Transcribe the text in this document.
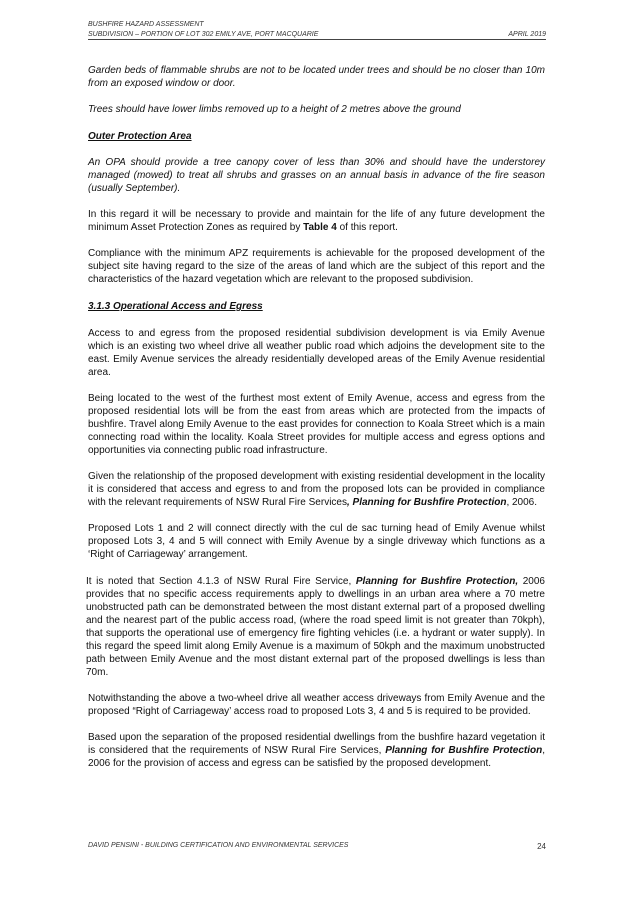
BUSHFIRE HAZARD ASSESSMENT
SUBDIVISION – PORTION OF LOT 302 EMILY AVE, PORT MACQUARIE	APRIL 2019

Garden beds of flammable shrubs are not to be located under trees and should be no closer than 10m from an exposed window or door.

Trees should have lower limbs removed up to a height of 2 metres above the ground

Outer Protection Area

An OPA should provide a tree canopy cover of less than 30% and should have the understorey managed (mowed) to treat all shrubs and grasses on an annual basis in advance of the fire season (usually September).

In this regard it will be necessary to provide and maintain for the life of any future development the minimum Asset Protection Zones as required by Table 4 of this report.

Compliance with the minimum APZ requirements is achievable for the proposed development of the subject site having regard to the size of the areas of land which are the subject of this report and the characteristics of the hazard vegetation which are relevant to the proposed subdivision.

3.1.3 Operational Access and Egress

Access to and egress from the proposed residential subdivision development is via Emily Avenue which is an existing two wheel drive all weather public road which adjoins the development site to the east. Emily Avenue services the already residentially developed areas of the Emily Avenue residential area.

Being located to the west of the furthest most extent of Emily Avenue, access and egress from the proposed residential lots will be from the east from areas which are protected from the impacts of bushfire. Travel along Emily Avenue to the east provides for connection to Koala Street which is a main connecting road within the locality. Koala Street provides for multiple access and egress options and opportunities via connecting public road infrastructure.

Given the relationship of the proposed development with existing residential development in the locality it is considered that access and egress to and from the proposed lots can be provided in compliance with the relevant requirements of NSW Rural Fire Services, Planning for Bushfire Protection, 2006.

Proposed Lots 1 and 2 will connect directly with the cul de sac turning head of Emily Avenue whilst proposed Lots 3, 4 and 5 will connect with Emily Avenue by a single driveway which functions as a ‘Right of Carriageway’ arrangement.

It is noted that Section 4.1.3 of NSW Rural Fire Service, Planning for Bushfire Protection, 2006 provides that no specific access requirements apply to dwellings in an urban area where a 70 metre unobstructed path can be demonstrated between the most distant external part of a proposed dwelling and the nearest part of the public access road, (where the road speed limit is not greater than 70kph), that supports the operational use of emergency fire fighting vehicles (i.e. a hydrant or water supply). In this regard the speed limit along Emily Avenue is a maximum of 50kph and the maximum unobstructed path between Emily Avenue and the most distant external part of the proposed dwellings is less than 70m.

Notwithstanding the above a two-wheel drive all weather access driveways from Emily Avenue and the proposed “Right of Carriageway’ access road to proposed Lots 3, 4 and 5 is required to be provided.

Based upon the separation of the proposed residential dwellings from the bushfire hazard vegetation it is considered that the requirements of NSW Rural Fire Services, Planning for Bushfire Protection, 2006 for the provision of access and egress can be satisfied by the proposed development.

DAVID PENSINI - BUILDING CERTIFICATION AND ENVIRONMENTAL SERVICES	24
